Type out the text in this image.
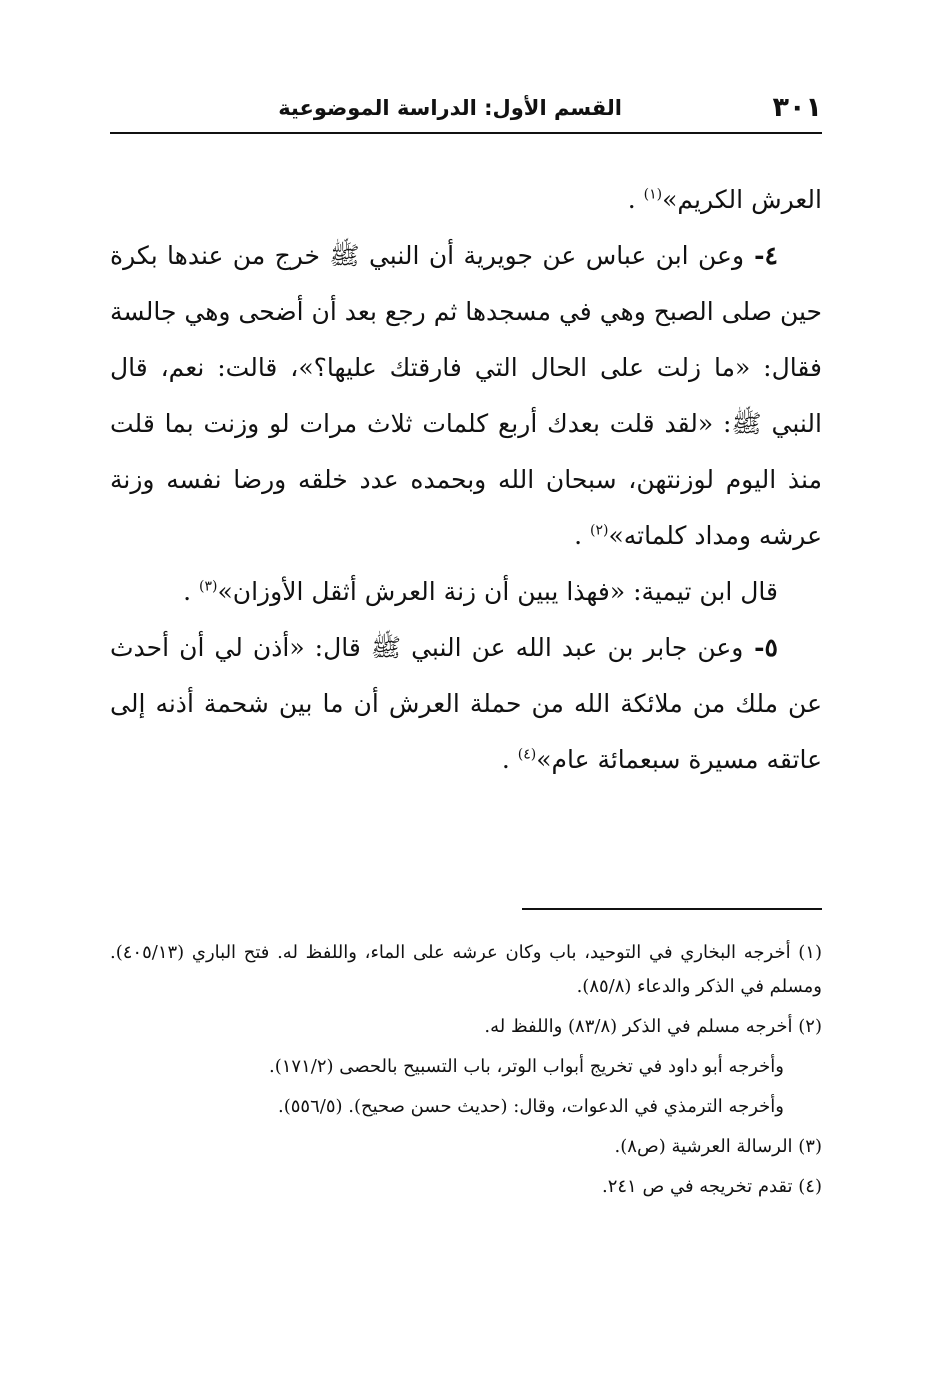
٣٠١
القسم الأول: الدراسة الموضوعية

العرش الكريم»$^{(١)}$ .

٤- وعن ابن عباس عن جويرية أن النبي ﷺ خرج من عندها بكرة حين صلى الصبح وهي في مسجدها ثم رجع بعد أن أضحى وهي جالسة فقال: «ما زلت على الحال التي فارقتك عليها؟»، قالت: نعم، قال النبي ﷺ: «لقد قلت بعدك أربع كلمات ثلاث مرات لو وزنت بما قلت منذ اليوم لوزنتهن، سبحان الله وبحمده عدد خلقه ورضا نفسه وزنة عرشه ومداد كلماته»$^{(٢)}$ .

قال ابن تيمية: «فهذا يبين أن زنة العرش أثقل الأوزان»$^{(٣)}$ .

٥- وعن جابر بن عبد الله عن النبي ﷺ قال: «أذن لي أن أحدث عن ملك من ملائكة الله من حملة العرش أن ما بين شحمة أذنه إلى عاتقه مسيرة سبعمائة عام»$^{(٤)}$ .

(١) أخرجه البخاري في التوحيد، باب وكان عرشه على الماء، واللفظ له. فتح الباري (٤٠٥/١٣). ومسلم في الذكر والدعاء (٨٥/٨).

(٢) أخرجه مسلم في الذكر (٨٣/٨) واللفظ له.

وأخرجه أبو داود في تخريج أبواب الوتر، باب التسبيح بالحصى (١٧١/٢).

وأخرجه الترمذي في الدعوات، وقال: (حديث حسن صحيح). (٥٥٦/٥).

(٣) الرسالة العرشية (ص٨).

(٤) تقدم تخريجه في ص ٢٤١.
